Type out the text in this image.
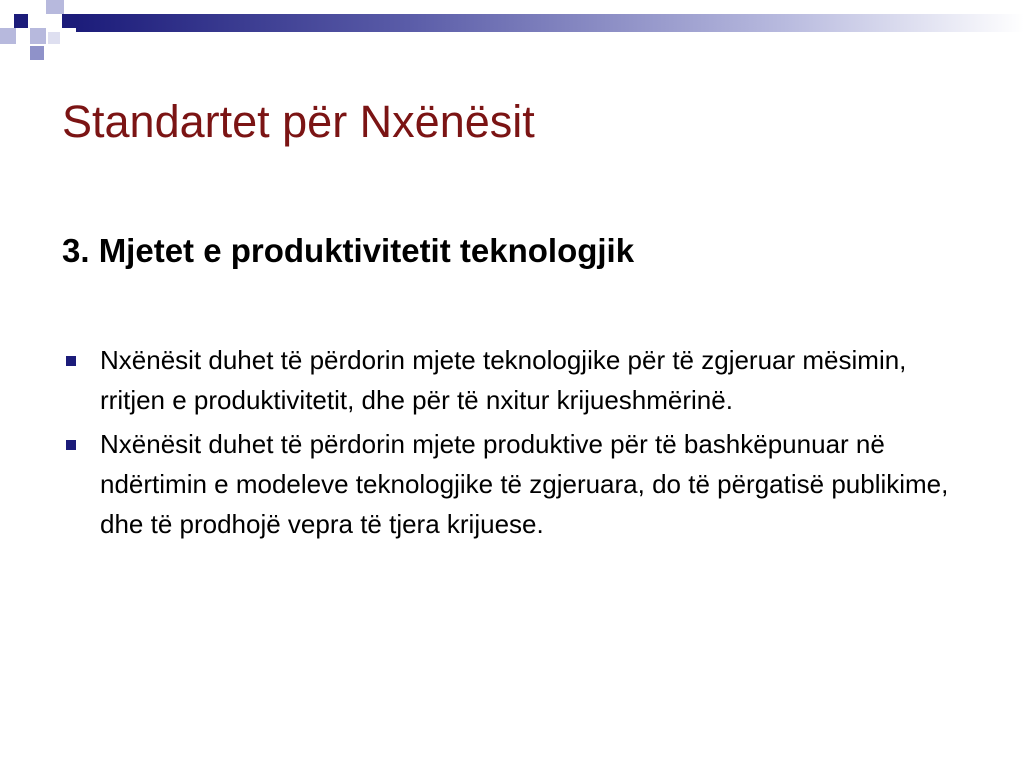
Standartet për Nxënësit
3. Mjetet e produktivitetit teknologjik
Nxënësit duhet të përdorin mjete teknologjike për të zgjeruar mësimin, rritjen e produktivitetit, dhe për të nxitur krijueshmërinë.
Nxënësit duhet të përdorin mjete produktive për të bashkëpunuar në ndërtimin e modeleve teknologjike të zgjeruara, do të përgatisë publikime, dhe të prodhojë vepra të tjera krijuese.
